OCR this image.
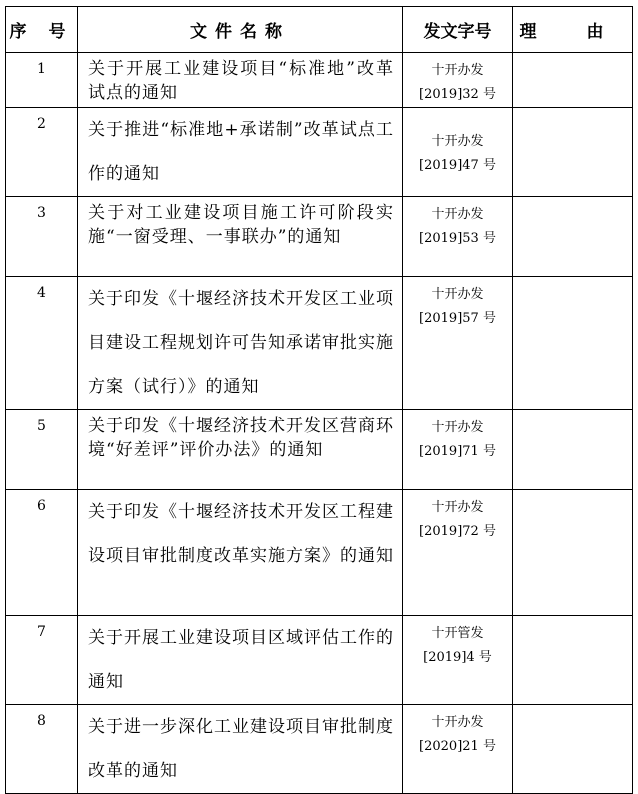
序 号	文件名称	发文字号	理 由
1	关于开展工业建设项目“标准地”改革试点的通知	十开办发
[2019]32 号	

2	关于推进“标准地+承诺制”改革试点工作的通知	十开办发
[2019]47 号	

3	关于对工业建设项目施工许可阶段实施“一窗受理、一事联办”的通知	十开办发
[2019]53 号	

4	关于印发《十堰经济技术开发区工业项目建设工程规划许可告知承诺审批实施方案（试行）》的通知	十开办发
[2019]57 号	

5	关于印发《十堰经济技术开发区营商环境“好差评”评价办法》的通知	十开办发
[2019]71 号	

6	关于印发《十堰经济技术开发区工程建设项目审批制度改革实施方案》的通知	十开办发
[2019]72 号	

7	关于开展工业建设项目区域评估工作的通知	十开管发
[2019]4 号	

8	关于进一步深化工业建设项目审批制度改革的通知	十开办发
[2020]21 号	
